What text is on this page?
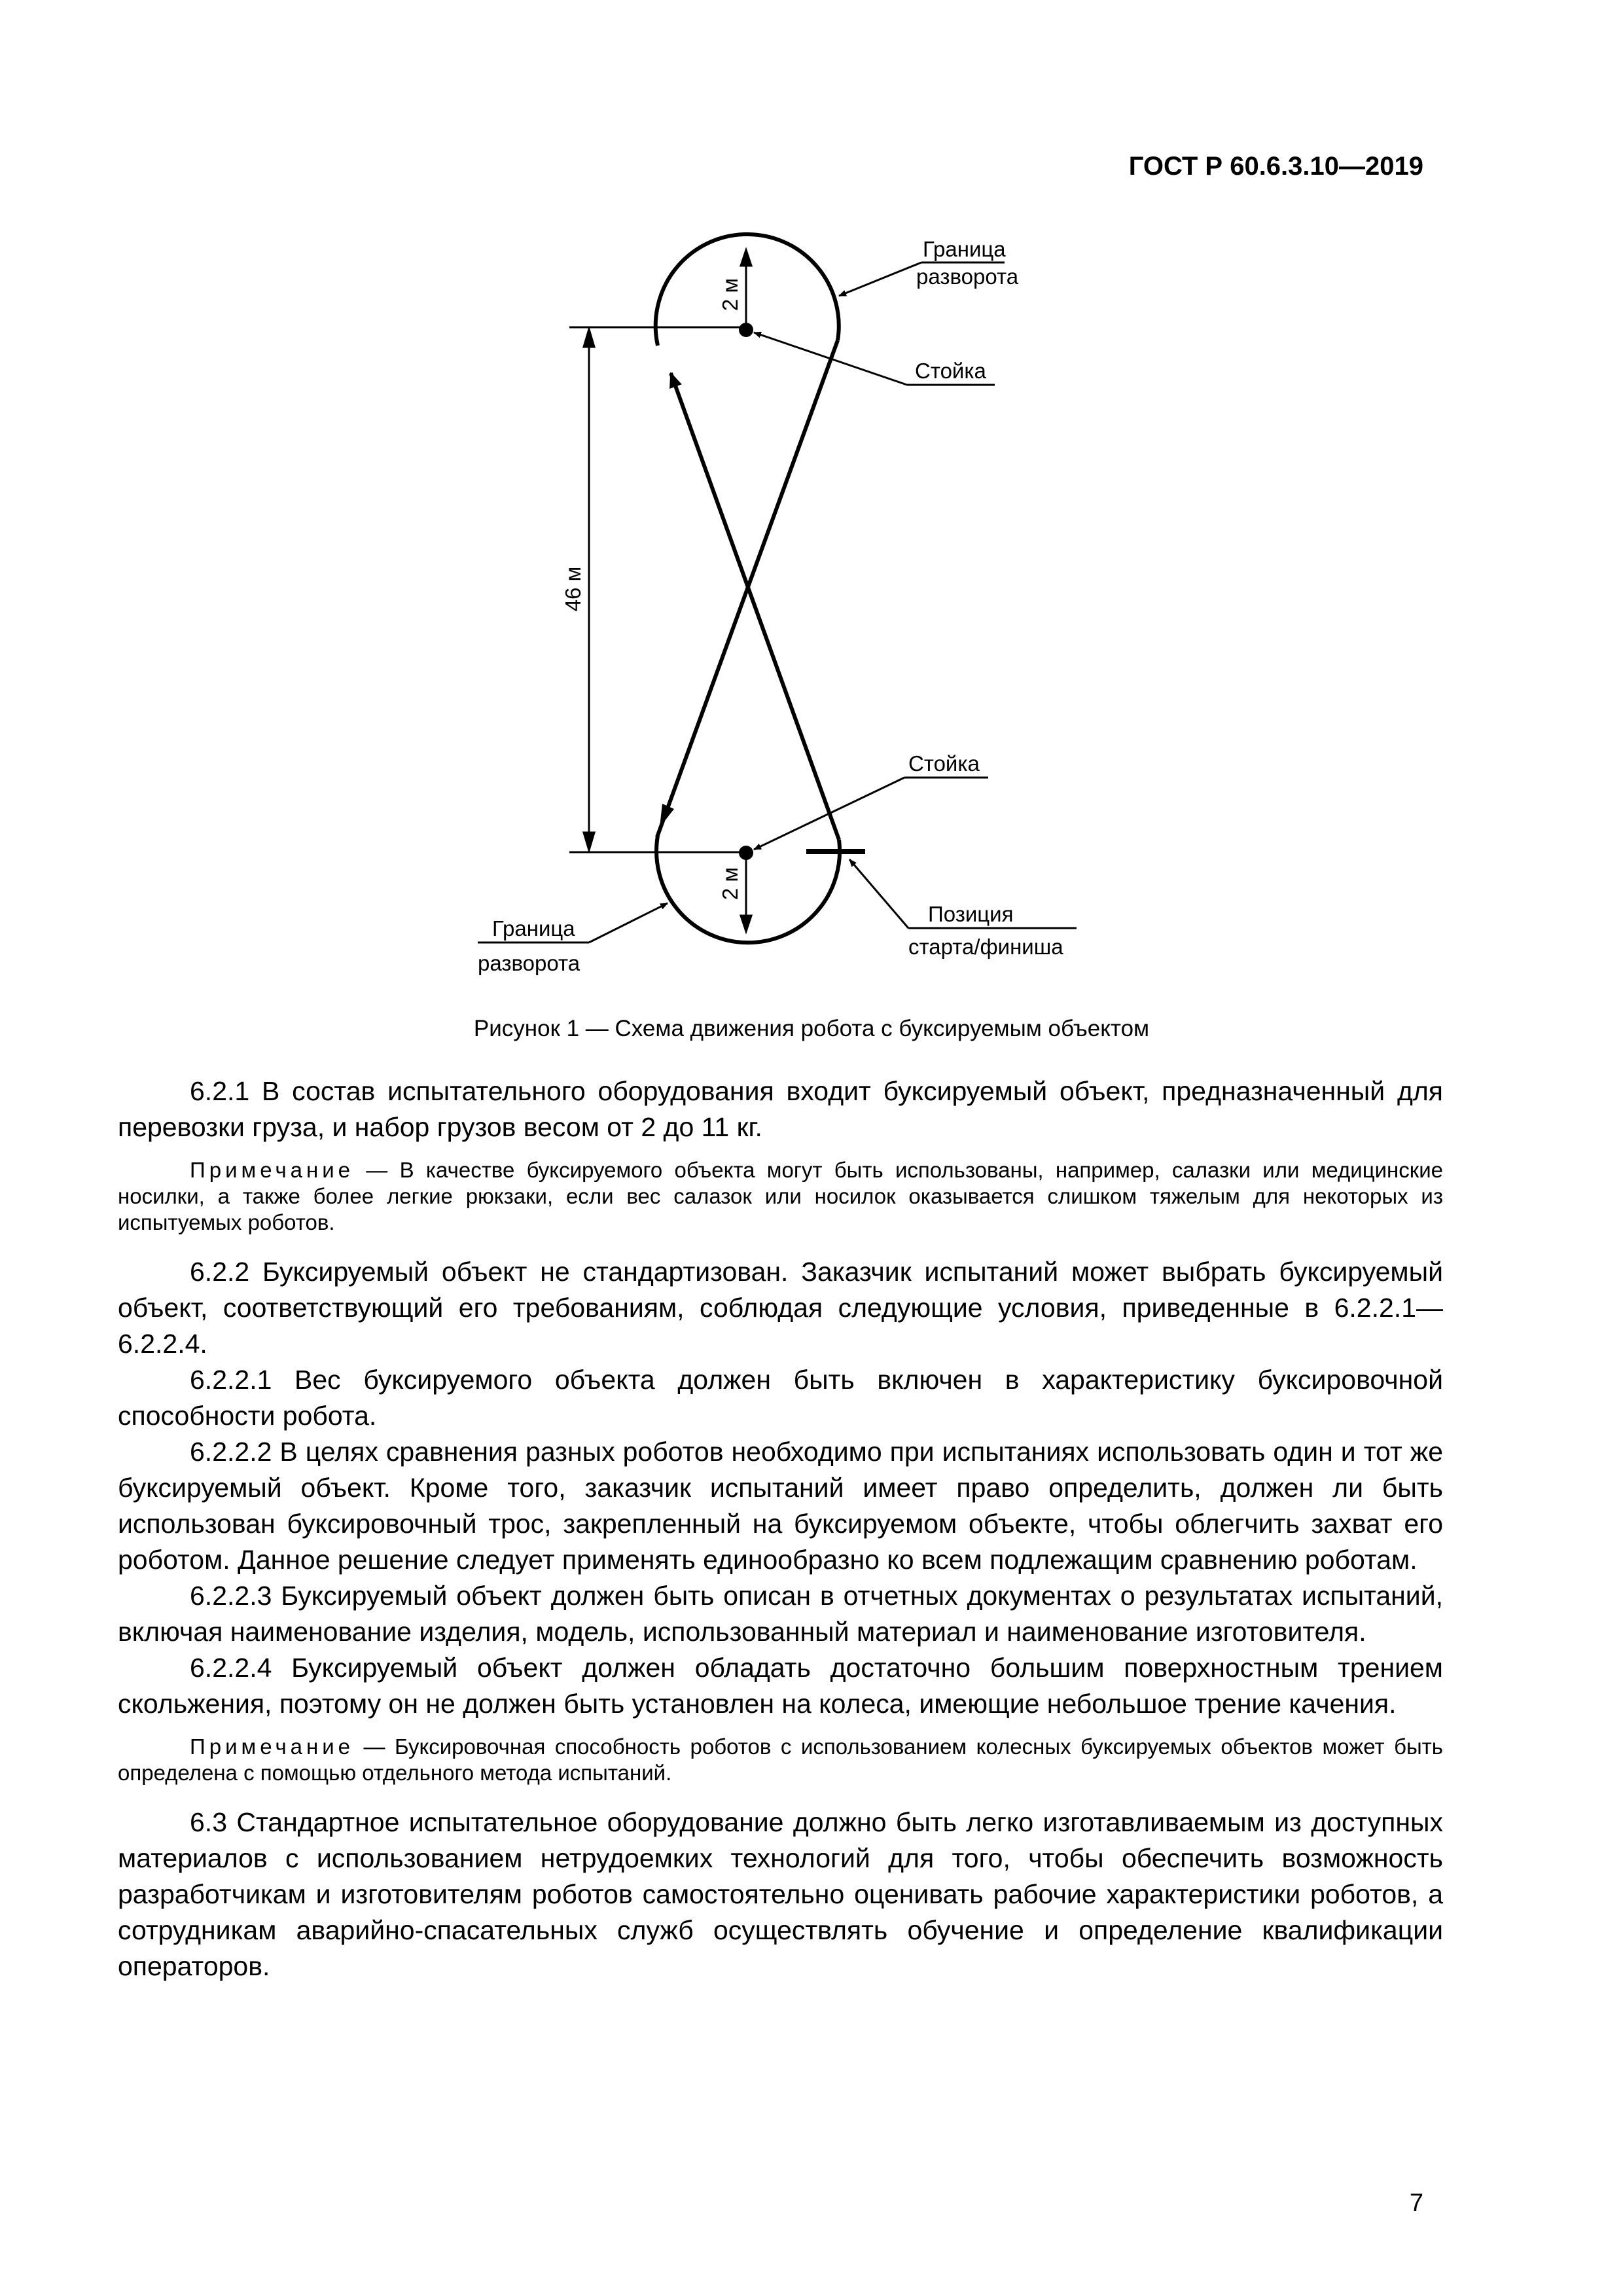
ГОСТ Р 60.6.3.10—2019
46 м
2 м
2 м
Граница
разворота
Стойка
Стойка
Граница
разворота
Позиция
старта/финиша
Рисунок 1 — Схема движения робота с буксируемым объектом

6.2.1 В состав испытательного оборудования входит буксируемый объект, предназначенный для перевозки груза, и набор грузов весом от 2 до 11 кг.

Примечание — В качестве буксируемого объекта могут быть использованы, например, салазки или медицинские носилки, а также более легкие рюкзаки, если вес салазок или носилок оказывается слишком тяжелым для некоторых из испытуемых роботов.

6.2.2 Буксируемый объект не стандартизован. Заказчик испытаний может выбрать буксируемый объект, соответствующий его требованиям, соблюдая следующие условия, приведенные в 6.2.2.1—6.2.2.4.

6.2.2.1 Вес буксируемого объекта должен быть включен в характеристику буксировочной способности робота.

6.2.2.2 В целях сравнения разных роботов необходимо при испытаниях использовать один и тот же буксируемый объект. Кроме того, заказчик испытаний имеет право определить, должен ли быть использован буксировочный трос, закрепленный на буксируемом объекте, чтобы облегчить захват его роботом. Данное решение следует применять единообразно ко всем подлежащим сравнению роботам.

6.2.2.3 Буксируемый объект должен быть описан в отчетных документах о результатах испытаний, включая наименование изделия, модель, использованный материал и наименование изготовителя.

6.2.2.4 Буксируемый объект должен обладать достаточно большим поверхностным трением скольжения, поэтому он не должен быть установлен на колеса, имеющие небольшое трение качения.

Примечание — Буксировочная способность роботов с использованием колесных буксируемых объектов может быть определена с помощью отдельного метода испытаний.

6.3 Стандартное испытательное оборудование должно быть легко изготавливаемым из доступных материалов с использованием нетрудоемких технологий для того, чтобы обеспечить возможность разработчикам и изготовителям роботов самостоятельно оценивать рабочие характеристики роботов, а сотрудникам аварийно-спасательных служб осуществлять обучение и определение квалификации операторов.

7
